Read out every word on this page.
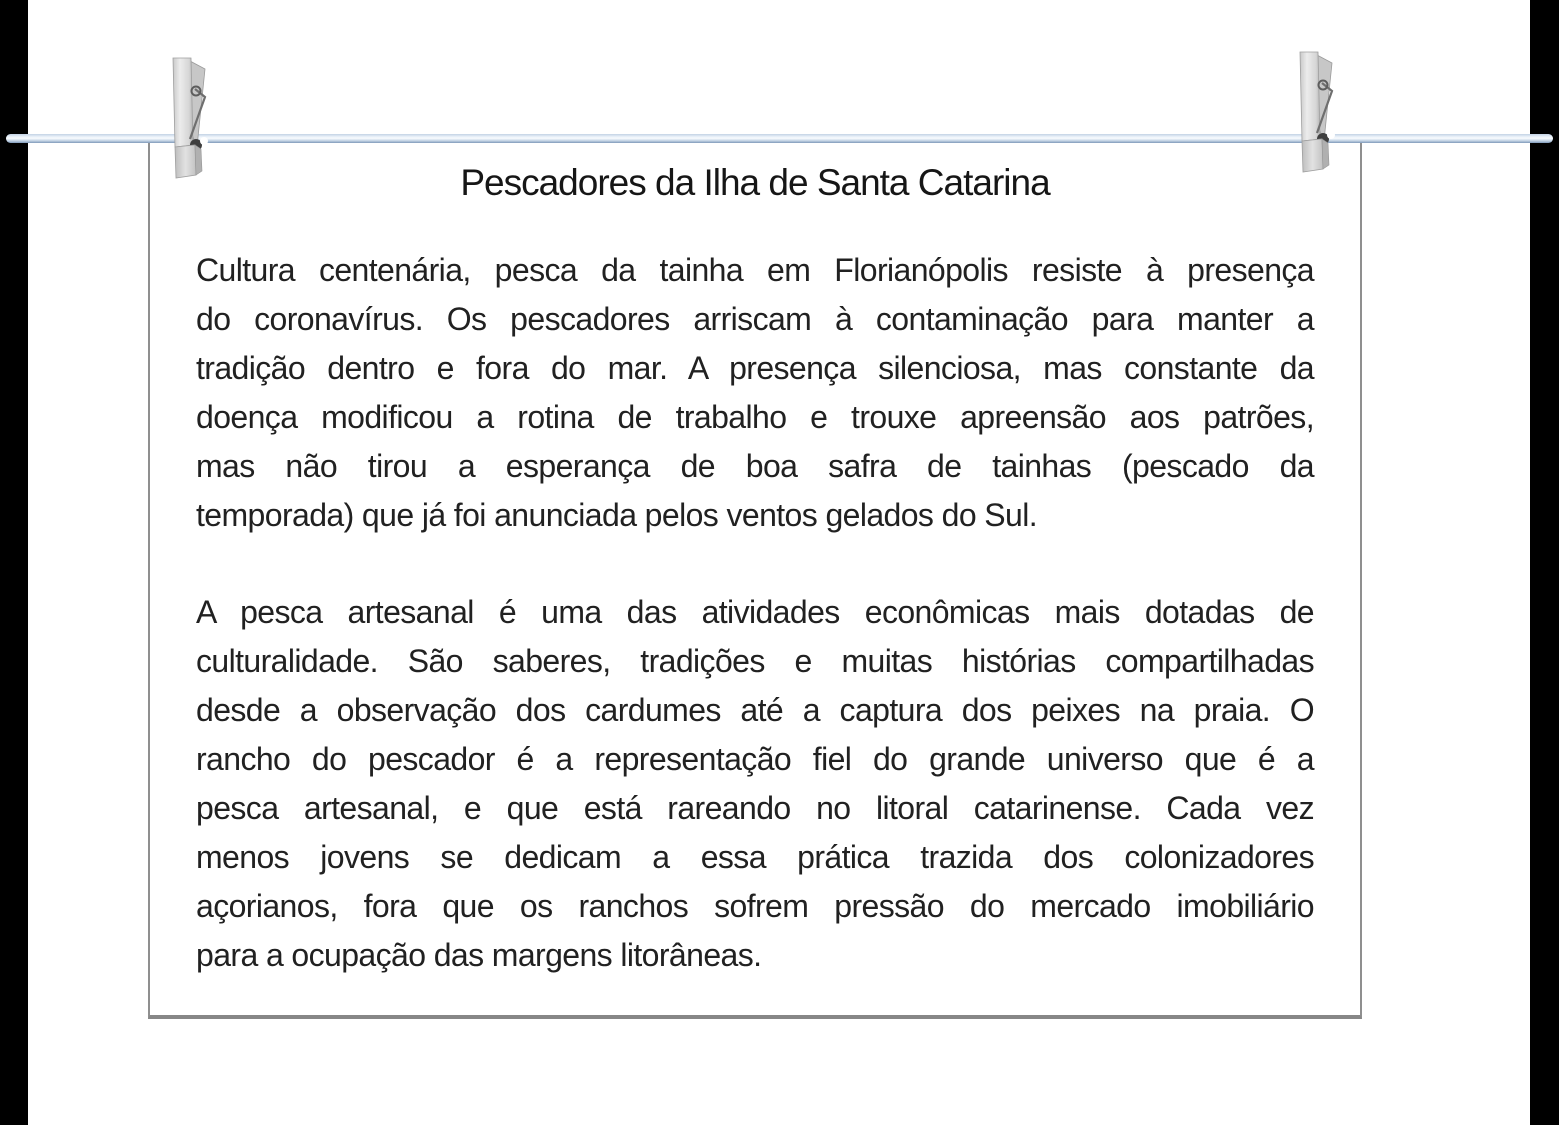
Pescadores da Ilha de Santa Catarina
Cultura centenária, pesca da tainha em Florianópolis resiste à presença
do coronavírus. Os pescadores arriscam à contaminação para manter a
tradição dentro e fora do mar. A presença silenciosa, mas constante da
doença modificou a rotina de trabalho e trouxe apreensão aos patrões,
mas não tirou a esperança de boa safra de tainhas (pescado da
temporada) que já foi anunciada pelos ventos gelados do Sul.
A pesca artesanal é uma das atividades econômicas mais dotadas de
culturalidade. São saberes, tradições e muitas histórias compartilhadas
desde a observação dos cardumes até a captura dos peixes na praia. O
rancho do pescador é a representação fiel do grande universo que é a
pesca artesanal, e que está rareando no litoral catarinense. Cada vez
menos jovens se dedicam a essa prática trazida dos colonizadores
açorianos, fora que os ranchos sofrem pressão do mercado imobiliário
para a ocupação das margens litorâneas.
